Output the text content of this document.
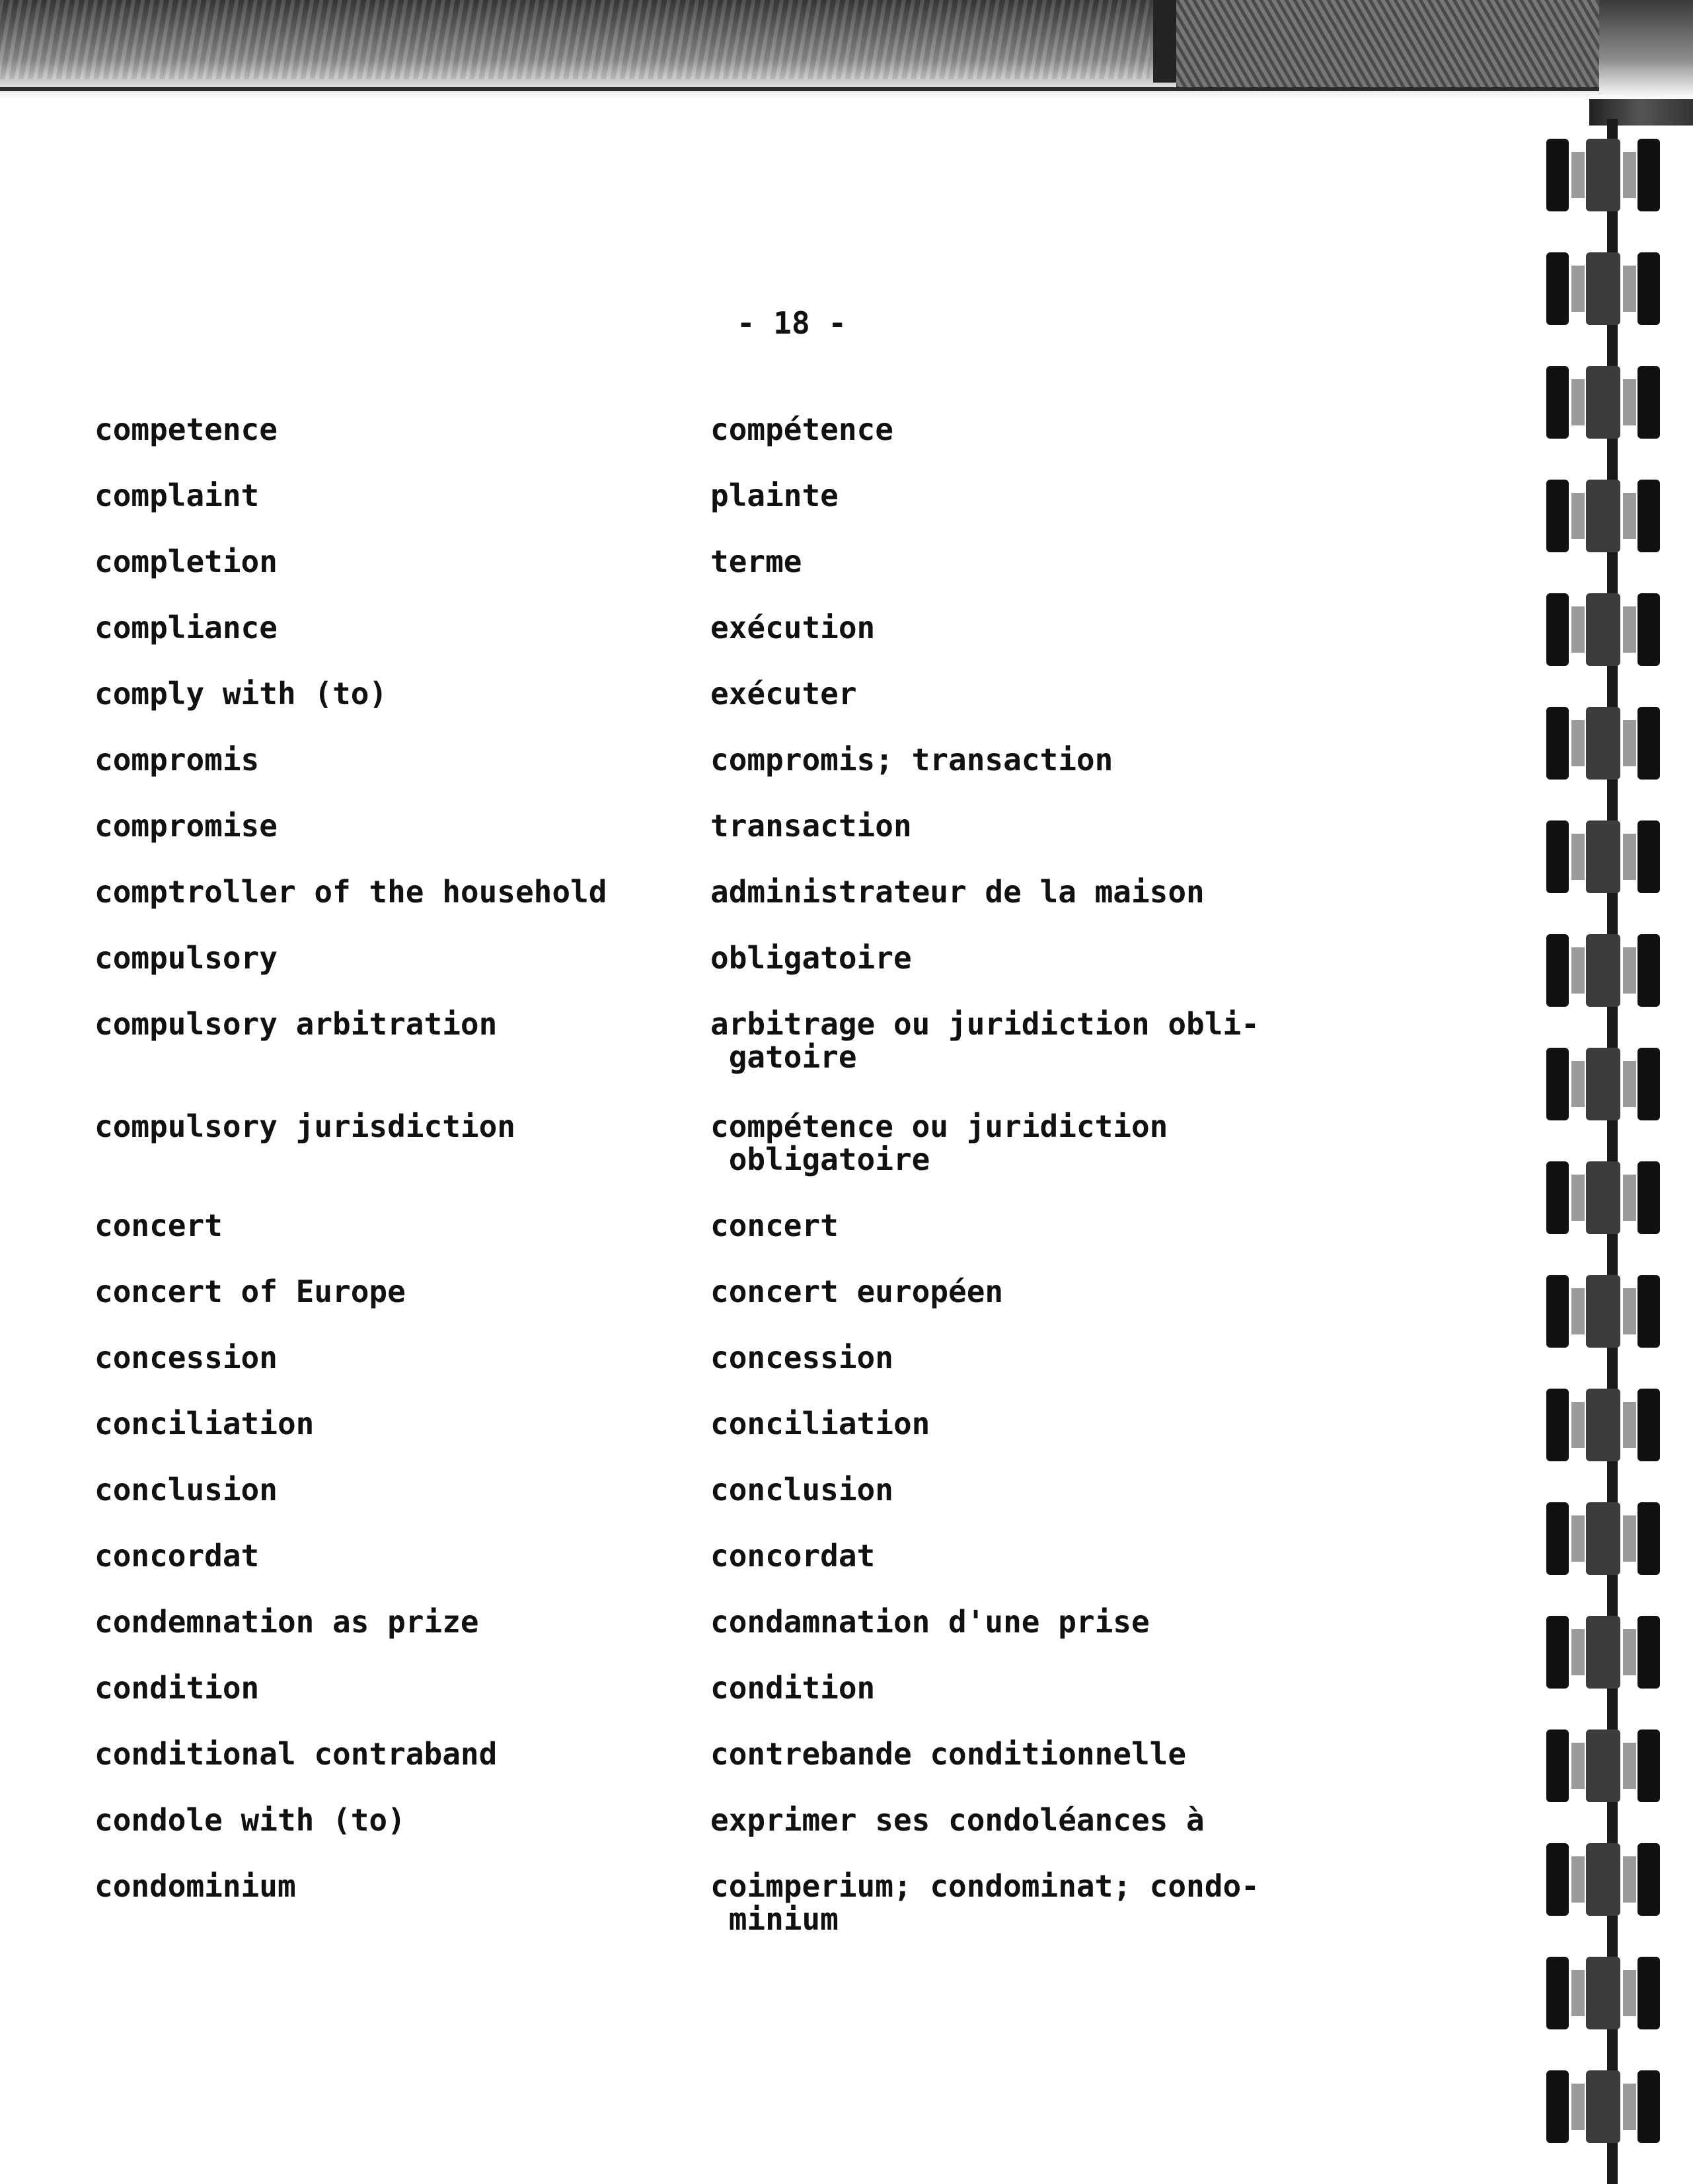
- 18 -
competence	compétence
complaint	plainte
completion	terme
compliance	exécution
comply with (to)	exécuter
compromis	compromis; transaction
compromise	transaction
comptroller of the household	administrateur de la maison
compulsory	obligatoire
compulsory arbitration	arbitrage ou juridiction obli-
gatoire
compulsory jurisdiction	compétence ou juridiction
obligatoire
concert	concert
concert of Europe	concert européen
concession	concession
conciliation	conciliation
conclusion	conclusion
concordat	concordat
condemnation as prize	condamnation d'une prise
condition	condition
conditional contraband	contrebande conditionnelle
condole with (to)	exprimer ses condoléances à
condominium	coimperium; condominat; condo-
minium
